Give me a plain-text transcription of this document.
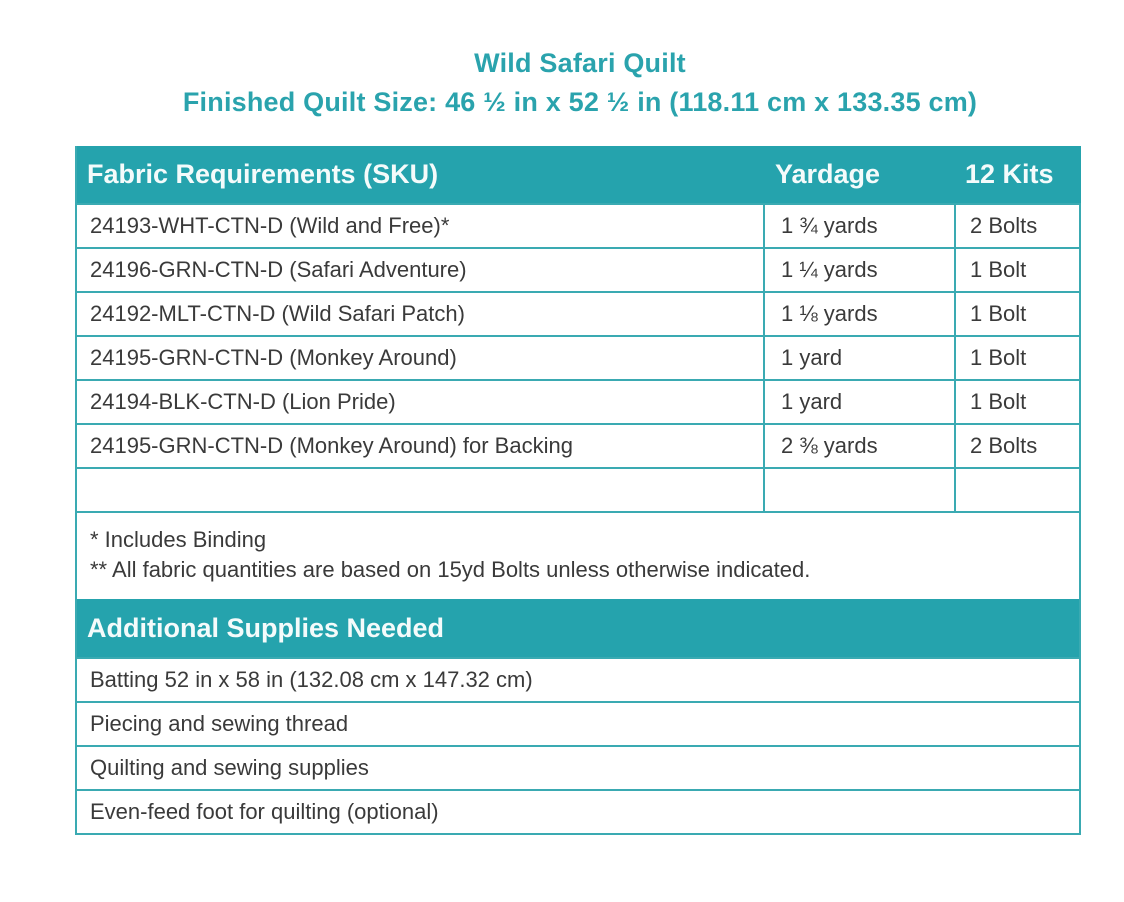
Wild Safari Quilt
Finished Quilt Size: 46 ½ in x 52 ½ in (118.11 cm x 133.35 cm)
Fabric Requirements (SKU)	Yardage	12 Kits
24193-WHT-CTN-D (Wild and Free)*	1 ¾ yards	2 Bolts
24196-GRN-CTN-D (Safari Adventure)	1 ¼ yards	1 Bolt
24192-MLT-CTN-D (Wild Safari Patch)	1 ⅛ yards	1 Bolt
24195-GRN-CTN-D (Monkey Around)	1 yard	1 Bolt
24194-BLK-CTN-D (Lion Pride)	1 yard	1 Bolt
24195-GRN-CTN-D (Monkey Around) for Backing	2 ⅜ yards	2 Bolts

* Includes Binding
** All fabric quantities are based on 15yd Bolts unless otherwise indicated.
Additional Supplies Needed
Batting 52 in x 58 in (132.08 cm x 147.32 cm)
Piecing and sewing thread
Quilting and sewing supplies
Even-feed foot for quilting (optional)
